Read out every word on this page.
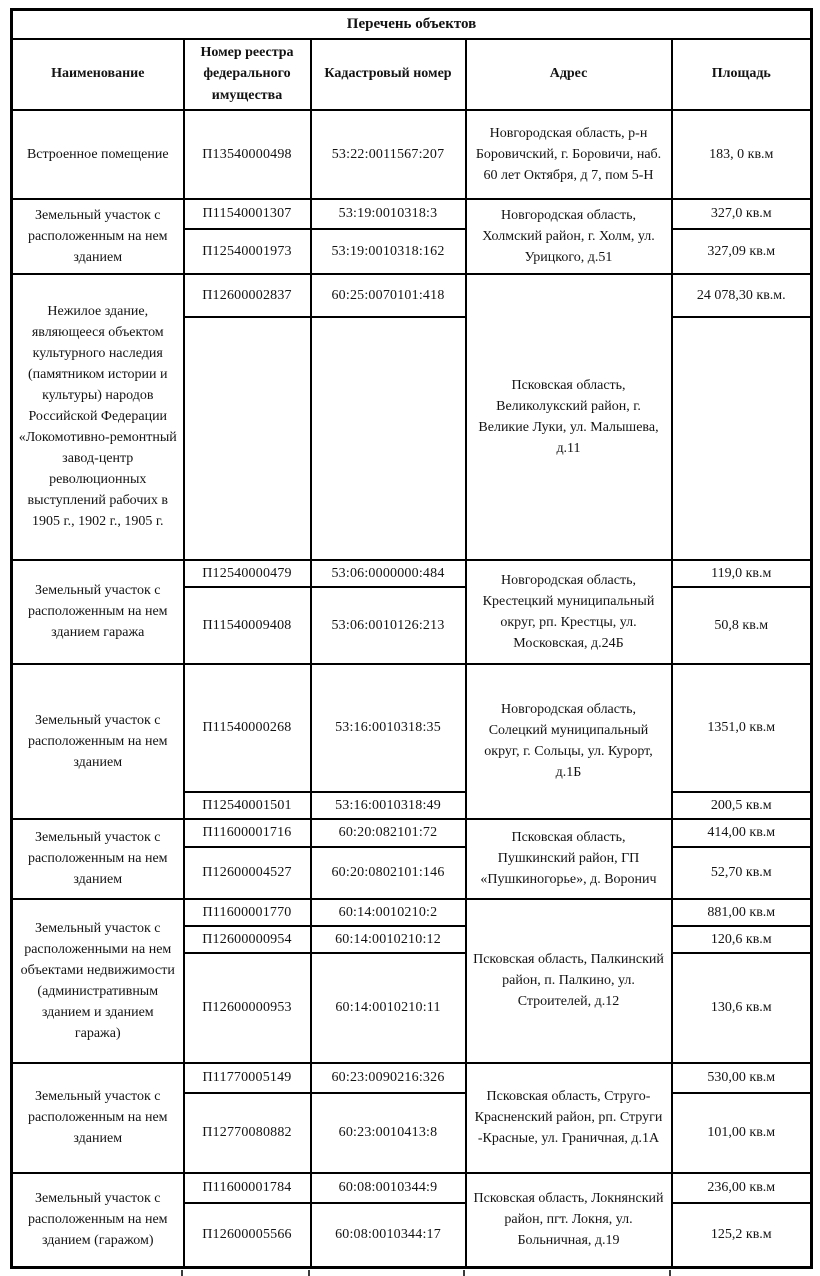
Перечень объектов				
Наименование	Номер реестра федерального имущества	Кадастровый номер	Адрес	Площадь
Встроенное помещение	П13540000498	53:22:0011567:207	Новгородская область, р-н Боровичский, г. Боровичи, наб. 60 лет Октября, д 7, пом 5-Н	183, 0 кв.м
Земельный участок с расположенным на нем зданием	П11540001307	53:19:0010318:3	Новгородская область, Холмский район, г. Холм, ул. Урицкого, д.51	327,0 кв.м
	П12540001973	53:19:0010318:162		327,09 кв.м
Нежилое здание, являющееся объектом культурного наследия (памятником истории и культуры) народов Российской Федерации «Локомотивно-ремонтный завод-центр революционных выступлений рабочих в 1905 г., 1902 г., 1905 г.	П12600002837	60:25:0070101:418	Псковская область, Великолукский район, г. Великие Луки, ул. Малышева, д.11	24 078,30 кв.м.

Земельный участок с расположенным на нем зданием гаража	П12540000479	53:06:0000000:484	Новгородская область, Крестецкий муниципальный округ, рп. Крестцы, ул. Московская, д.24Б	119,0 кв.м
	П11540009408	53:06:0010126:213		50,8 кв.м
Земельный участок с расположенным на нем зданием	П11540000268	53:16:0010318:35	Новгородская область, Солецкий муниципальный округ, г. Сольцы, ул. Курорт, д.1Б	1351,0 кв.м
	П12540001501	53:16:0010318:49		200,5 кв.м
Земельный участок с расположенным на нем зданием	П11600001716	60:20:082101:72	Псковская область, Пушкинский район, ГП «Пушкиногорье», д. Воронич	414,00 кв.м
	П12600004527	60:20:0802101:146		52,70 кв.м
Земельный участок с расположенными на нем объектами недвижимости (административным зданием и зданием гаража)	П11600001770	60:14:0010210:2	Псковская область, Палкинский район, п. Палкино, ул. Строителей, д.12	881,00 кв.м
	П12600000954	60:14:0010210:12		120,6 кв.м
	П12600000953	60:14:0010210:11		130,6 кв.м
Земельный участок с расположенным на нем зданием	П11770005149	60:23:0090216:326	Псковская область, Струго-Красненский район, рп. Струги -Красные, ул. Граничная, д.1А	530,00 кв.м
	П12770080882	60:23:0010413:8		101,00 кв.м
Земельный участок с расположенным на нем зданием (гаражом)	П11600001784	60:08:0010344:9	Псковская область, Локнянский район, пгт. Локня, ул. Больничная, д.19	236,00 кв.м
	П12600005566	60:08:0010344:17		125,2 кв.м
